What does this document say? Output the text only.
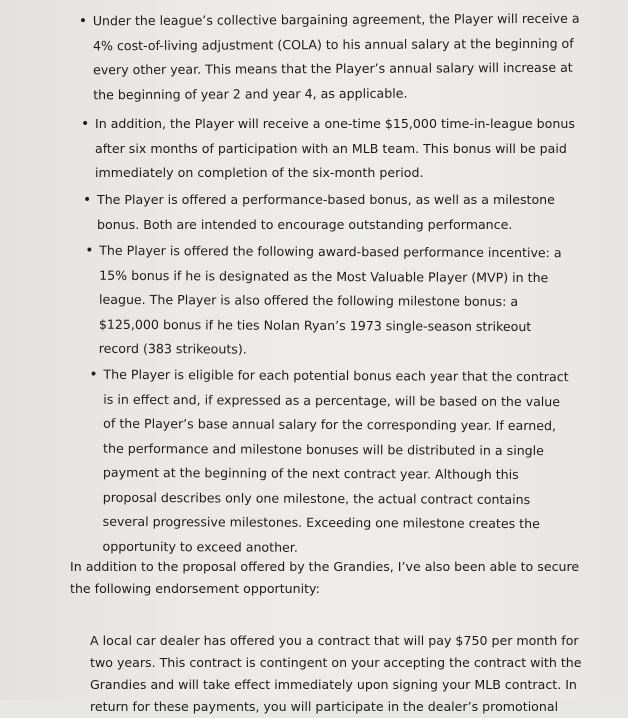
• Under the league’s collective bargaining agreement, the Player will receive a 4% cost-of-living adjustment (COLA) to his annual salary at the beginning of every other year. This means that the Player’s annual salary will increase at the beginning of year 2 and year 4, as applicable.
• In addition, the Player will receive a one-time $15,000 time-in-league bonus after six months of participation with an MLB team. This bonus will be paid immediately on completion of the six-month period.
• The Player is offered a performance-based bonus, as well as a milestone bonus. Both are intended to encourage outstanding performance.
• The Player is offered the following award-based performance incentive: a 15% bonus if he is designated as the Most Valuable Player (MVP) in the league. The Player is also offered the following milestone bonus: a $125,000 bonus if he ties Nolan Ryan’s 1973 single-season strikeout record (383 strikeouts).
• The Player is eligible for each potential bonus each year that the contract is in effect and, if expressed as a percentage, will be based on the value of the Player’s base annual salary for the corresponding year. If earned, the performance and milestone bonuses will be distributed in a single payment at the beginning of the next contract year. Although this proposal describes only one milestone, the actual contract contains several progressive milestones. Exceeding one milestone creates the opportunity to exceed another.

In addition to the proposal offered by the Grandies, I’ve also been able to secure the following endorsement opportunity:

A local car dealer has offered you a contract that will pay $750 per month for two years. This contract is contingent on your accepting the contract with the Grandies and will take effect immediately upon signing your MLB contract. In return for these payments, you will participate in the dealer’s promotional
